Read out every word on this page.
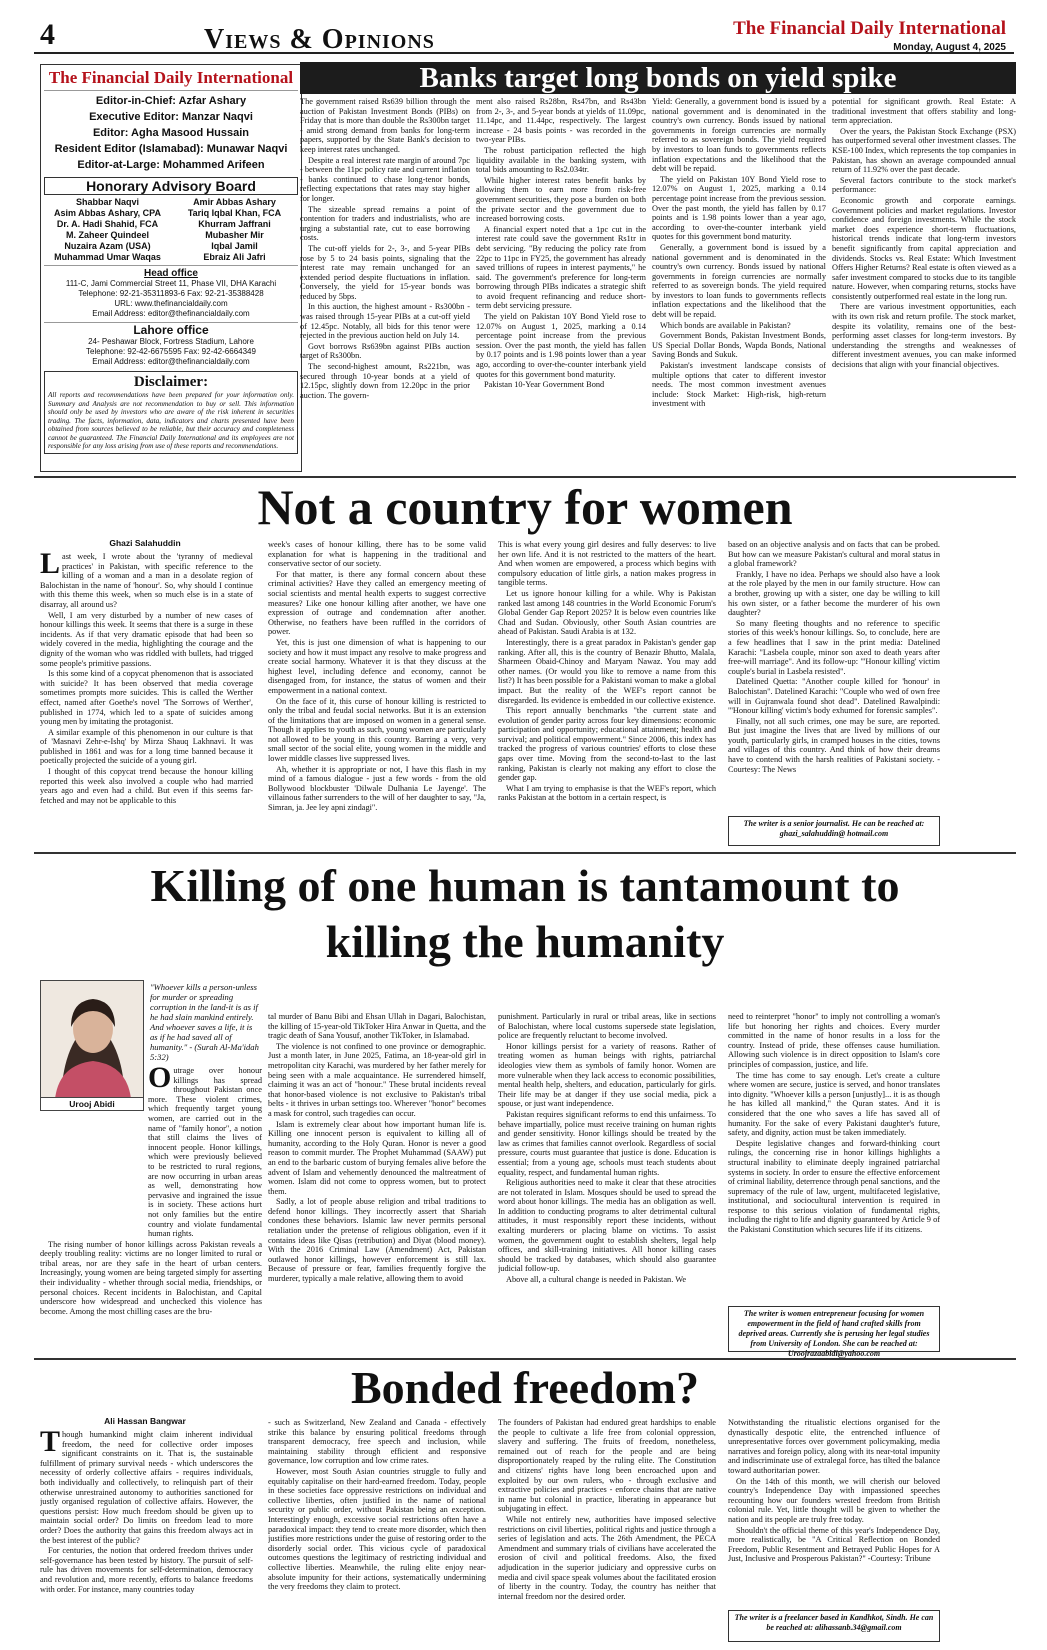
4	Views & Opinions	The Financial Daily International
Monday, August 4, 2025
The Financial Daily International
Editor-in-Chief: Azfar Ashary
Executive Editor: Manzar Naqvi
Editor: Agha Masood Hussain
Resident Editor (Islamabad): Munawar Naqvi
Editor-at-Large: Mohammed Arifeen
Honorary Advisory Board
Shabbar Naqvi
Asim Abbas Ashary, CPA
Dr. A. Hadi Shahid, FCA
M. Zaheer Quindeel
Nuzaira Azam (USA)
Muhammad Umar Waqas
Amir Abbas Ashary
Tariq Iqbal Khan, FCA
Khurram Jaffrani
Mubasher Mir
Iqbal Jamil
Ebraiz Ali Jafri
Head office
111-C, Jami Commercial Street 11, Phase VII, DHA Karachi
Telephone: 92-21-35311893-6 Fax: 92-21-35388428
URL: www.thefinancialdaily.com
Email Address: editor@thefinancialdaily.com
Lahore office
24- Peshawar Block, Fortress Stadium, Lahore
Telephone: 92-42-6675595 Fax: 92-42-6664349
Email Address: editor@thefinancialdaily.com
Disclaimer:
All reports and recommendations have been prepared for your information only. Summary and Analysis are not recommendation to buy or sell. This information should only be used by investors who are aware of the risk inherent in securities trading. The facts, information, data, indicators and charts presented have been obtained from sources believed to be reliable, but their accuracy and completeness cannot be guaranteed. The Financial Daily International and its employees are not responsible for any loss arising from use of these reports and recommendations.
Banks target long bonds on yield spike

The government raised Rs639 billion through the auction of Pakistan Investment Bonds (PIBs) on Friday that is more than double the Rs300bn target - amid strong demand from banks for long-term papers, supported by the State Bank's decision to keep interest rates unchanged.

Despite a real interest rate margin of around 7pc - between the 11pc policy rate and current inflation - banks continued to chase long-tenor bonds, reflecting expectations that rates may stay higher for longer.

The sizeable spread remains a point of contention for traders and industrialists, who are urging a substantial rate, cut to ease borrowing costs.

The cut-off yields for 2-, 3-, and 5-year PIBs rose by 5 to 24 basis points, signaling that the interest rate may remain unchanged for an extended period despite fluctuations in inflation. Conversely, the yield for 15-year bonds was reduced by 5bps.

In this auction, the highest amount - Rs300bn - was raised through 15-year PIBs at a cut-off yield of 12.45pc. Notably, all bids for this tenor were rejected in the previous auction held on July 14.

Govt borrows Rs639bn against PIBs auction target of Rs300bn.

The second-highest amount, Rs221bn, was secured through 10-year bonds at a yield of 12.15pc, slightly down from 12.20pc in the prior auction. The govern-

ment also raised Rs28bn, Rs47bn, and Rs43bn from 2-, 3-, and 5-year bonds at yields of 11.09pc, 11.14pc, and 11.44pc, respectively. The largest increase - 24 basis points - was recorded in the two-year PIBs.

The robust participation reflected the high liquidity available in the banking system, with total bids amounting to Rs2.034tr.

While higher interest rates benefit banks by allowing them to earn more from risk-free government securities, they pose a burden on both the private sector and the government due to increased borrowing costs.

A financial expert noted that a 1pc cut in the interest rate could save the government Rs1tr in debt servicing. "By reducing the policy rate from 22pc to 11pc in FY25, the government has already saved trillions of rupees in interest payments," he said. The government's preference for long-term borrowing through PIBs indicates a strategic shift to avoid frequent refinancing and reduce short-term debt servicing pressure.

The yield on Pakistan 10Y Bond Yield rose to 12.07% on August 1, 2025, marking a 0.14 percentage point increase from the previous session. Over the past month, the yield has fallen by 0.17 points and is 1.98 points lower than a year ago, according to over-the-counter interbank yield quotes for this government bond maturity.

Pakistan 10-Year Government Bond

Yield: Generally, a government bond is issued by a national government and is denominated in the country's own currency. Bonds issued by national governments in foreign currencies are normally referred to as sovereign bonds. The yield required by investors to loan funds to governments reflects inflation expectations and the likelihood that the debt will be repaid.

The yield on Pakistan 10Y Bond Yield rose to 12.07% on August 1, 2025, marking a 0.14 percentage point increase from the previous session. Over the past month, the yield has fallen by 0.17 points and is 1.98 points lower than a year ago, according to over-the-counter interbank yield quotes for this government bond maturity.

Generally, a government bond is issued by a national government and is denominated in the country's own currency. Bonds issued by national governments in foreign currencies are normally referred to as sovereign bonds. The yield required by investors to loan funds to governments reflects inflation expectations and the likelihood that the debt will be repaid.

Which bonds are available in Pakistan?

Government Bonds, Pakistan Investment Bonds, US Special Dollar Bonds, Wapda Bonds, National Saving Bonds and Sukuk.

Pakistan's investment landscape consists of multiple options that cater to different investor needs. The most common investment avenues include: Stock Market: High-risk, high-return investment with

potential for significant growth. Real Estate: A traditional investment that offers stability and long-term appreciation.

Over the years, the Pakistan Stock Exchange (PSX) has outperformed several other investment classes. The KSE-100 Index, which represents the top companies in Pakistan, has shown an average compounded annual return of 11.92% over the past decade.

Several factors contribute to the stock market's performance:

Economic growth and corporate earnings. Government policies and market regulations. Investor confidence and foreign investments. While the stock market does experience short-term fluctuations, historical trends indicate that long-term investors benefit significantly from capital appreciation and dividends. Stocks vs. Real Estate: Which Investment Offers Higher Returns? Real estate is often viewed as a safer investment compared to stocks due to its tangible nature. However, when comparing returns, stocks have consistently outperformed real estate in the long run.

There are various investment opportunities, each with its own risk and return profile. The stock market, despite its volatility, remains one of the best-performing asset classes for long-term investors. By understanding the strengths and weaknesses of different investment avenues, you can make informed decisions that align with your financial objectives.

Not a country for women
Ghazi Salahuddin

Last week, I wrote about the 'tyranny of medieval practices' in Pakistan, with specific reference to the killing of a woman and a man in a desolate region of Balochistan in the name of 'honour'. So, why should I continue with this theme this week, when so much else is in a state of disarray, all around us?

Well, I am very disturbed by a number of new cases of honour killings this week. It seems that there is a surge in these incidents. As if that very dramatic episode that had been so widely covered in the media, highlighting the courage and the dignity of the woman who was riddled with bullets, had trigged some people's primitive passions.

Is this some kind of a copycat phenomenon that is associated with suicide? It has been observed that media coverage sometimes prompts more suicides. This is called the Werther effect, named after Goethe's novel 'The Sorrows of Werther', published in 1774, which led to a spate of suicides among young men by imitating the protagonist.

A similar example of this phenomenon in our culture is that of 'Masnavi Zehr-e-Ishq' by Mirza Shauq Lakhnavi. It was published in 1861 and was for a long time banned because it poetically projected the suicide of a young girl.

I thought of this copycat trend because the honour killing reported this week also involved a couple who had married years ago and even had a child. But even if this seems far-fetched and may not be applicable to this

week's cases of honour killing, there has to be some valid explanation for what is happening in the traditional and conservative sector of our society.

For that matter, is there any formal concern about these criminal activities? Have they called an emergency meeting of social scientists and mental health experts to suggest corrective measures? Like one honour killing after another, we have one expression of outrage and condemnation after another. Otherwise, no feathers have been ruffled in the corridors of power.

Yet, this is just one dimension of what is happening to our society and how it must impact any resolve to make progress and create social harmony. Whatever it is that they discuss at the highest level, including defence and economy, cannot be disengaged from, for instance, the status of women and their empowerment in a national context.

On the face of it, this curse of honour killing is restricted to only the tribal and feudal social networks. But it is an extension of the limitations that are imposed on women in a general sense. Though it applies to youth as such, young women are particularly not allowed to be young in this country. Barring a very, very small sector of the social elite, young women in the middle and lower middle classes live suppressed lives.

Ah, whether it is appropriate or not, I have this flash in my mind of a famous dialogue - just a few words - from the old Bollywood blockbuster 'Dilwale Dulhania Le Jayenge'. The villainous father surrenders to the will of her daughter to say, "Ja, Simran, ja. Jee ley apni zindagi".

This is what every young girl desires and fully deserves: to live her own life. And it is not restricted to the matters of the heart. And when women are empowered, a process which begins with compulsory education of little girls, a nation makes progress in tangible terms.

Let us ignore honour killing for a while. Why is Pakistan ranked last among 148 countries in the World Economic Forum's Global Gender Gap Report 2025? It is below even countries like Chad and Sudan. Obviously, other South Asian countries are ahead of Pakistan. Saudi Arabia is at 132.

Interestingly, there is a great paradox in Pakistan's gender gap ranking. After all, this is the country of Benazir Bhutto, Malala, Sharmeen Obaid-Chinoy and Maryam Nawaz. You may add other names. (Or would you like to remove a name from this list?) It has been possible for a Pakistani woman to make a global impact. But the reality of the WEF's report cannot be disregarded. Its evidence is embedded in our collective existence.

This report annually benchmarks "the current state and evolution of gender parity across four key dimensions: economic participation and opportunity; educational attainment; health and survival; and political empowerment." Since 2006, this index has tracked the progress of various countries' efforts to close these gaps over time. Moving from the second-to-last to the last ranking, Pakistan is clearly not making any effort to close the gender gap.

What I am trying to emphasise is that the WEF's report, which ranks Pakistan at the bottom in a certain respect, is

based on an objective analysis and on facts that can be probed. But how can we measure Pakistan's cultural and moral status in a global framework?

Frankly, I have no idea. Perhaps we should also have a look at the role played by the men in our family structure. How can a brother, growing up with a sister, one day be willing to kill his own sister, or a father become the murderer of his own daughter?

So many fleeting thoughts and no reference to specific stories of this week's honour killings. So, to conclude, here are a few headlines that I saw in the print media: Datelined Karachi: "Lasbela couple, minor son axed to death years after free-will marriage". And its follow-up: "'Honour killing' victim couple's burial in Lasbela resisted".

Datelined Quetta: "Another couple killed for 'honour' in Balochistan". Datelined Karachi: "Couple who wed of own free will in Gujranwala found shot dead". Datelined Rawalpindi: "'Honour killing' victim's body exhumed for forensic samples".

Finally, not all such crimes, one may be sure, are reported. But just imagine the lives that are lived by millions of our youth, particularly girls, in cramped houses in the cities, towns and villages of this country. And think of how their dreams have to contend with the harsh realities of Pakistani society. -Courtesy: The News

The writer is a senior journalist. He can be reached at: ghazi_salahuddin@ hotmail.com
Killing of one human is tantamount to
killing the humanity
Urooj Abidi
"Whoever kills a person-unless for murder or spreading corruption in the land-it is as if he had slain mankind entirely. And whoever saves a life, it is as if he had saved all of humanity." - (Surah Al-Ma'idah 5:32)

Outrage over honour killings has spread throughout Pakistan once more. These violent crimes, which frequently target young women, are carried out in the name of "family honor", a notion that still claims the lives of innocent people. Honor killings, which were previously believed to be restricted to rural regions, are now occurring in urban areas as well, demonstrating how pervasive and ingrained the issue is in society. These actions hurt not only families but the entire country and violate fundamental human rights.

The rising number of honor killings across Pakistan reveals a deeply troubling reality: victims are no longer limited to rural or tribal areas, nor are they safe in the heart of urban centers. Increasingly, young women are being targeted simply for asserting their individuality - whether through social media, friendships, or personal choices. Recent incidents in Balochistan, and Capital underscore how widespread and unchecked this violence has become. Among the most chilling cases are the bru-

tal murder of Banu Bibi and Ehsan Ullah in Dagari, Balochistan, the killing of 15-year-old TikToker Hira Anwar in Quetta, and the tragic death of Sana Yousuf, another TikToker, in Islamabad.

The violence is not confined to one province or demographic. Just a month later, in June 2025, Fatima, an 18-year-old girl in metropolitan city Karachi, was murdered by her father merely for being seen with a male acquaintance. He surrendered himself, claiming it was an act of "honour." These brutal incidents reveal that honor-based violence is not exclusive to Pakistan's tribal belts - it thrives in urban settings too. Wherever "honor" becomes a mask for control, such tragedies can occur.

Islam is extremely clear about how important human life is. Killing one innocent person is equivalent to killing all of humanity, according to the Holy Quran. Honor is never a good reason to commit murder. The Prophet Muhammad (SAAW) put an end to the barbaric custom of burying females alive before the advent of Islam and vehemently denounced the maltreatment of women. Islam did not come to oppress women, but to protect them.

Sadly, a lot of people abuse religion and tribal traditions to defend honor killings. They incorrectly assert that Shariah condones these behaviors. Islamic law never permits personal retaliation under the pretense of religious obligation, even if it contains ideas like Qisas (retribution) and Diyat (blood money). With the 2016 Criminal Law (Amendment) Act, Pakistan outlawed honor killings, however enforcement is still lax. Because of pressure or fear, families frequently forgive the murderer, typically a male relative, allowing them to avoid

punishment. Particularly in rural or tribal areas, like in sections of Balochistan, where local customs supersede state legislation, police are frequently reluctant to become involved.

Honor killings persist for a variety of reasons. Rather of treating women as human beings with rights, patriarchal ideologies view them as symbols of family honor. Women are more vulnerable when they lack access to economic possibilities, mental health help, shelters, and education, particularly for girls. Their life may be at danger if they use social media, pick a spouse, or just want independence.

Pakistan requires significant reforms to end this unfairness. To behave impartially, police must receive training on human rights and gender sensitivity. Honor killings should be treated by the law as crimes that families cannot overlook. Regardless of social pressure, courts must guarantee that justice is done. Education is essential; from a young age, schools must teach students about equality, respect, and fundamental human rights.

Religious authorities need to make it clear that these atrocities are not tolerated in Islam. Mosques should be used to spread the word about honor killings. The media has an obligation as well. In addition to conducting programs to alter detrimental cultural attitudes, it must responsibly report these incidents, without exalting murderers or placing blame on victims. To assist women, the government ought to establish shelters, legal help offices, and skill-training initiatives. All honor killing cases should be tracked by databases, which should also guarantee judicial follow-up.

Above all, a cultural change is needed in Pakistan. We

need to reinterpret "honor" to imply not controlling a woman's life but honoring her rights and choices. Every murder committed in the name of honor results in a loss for the country. Instead of pride, these offenses cause humiliation. Allowing such violence is in direct opposition to Islam's core principles of compassion, justice, and life.

The time has come to say enough. Let's create a culture where women are secure, justice is served, and honor translates into dignity. "Whoever kills a person [unjustly]... it is as though he has killed all mankind," the Quran states. And it is considered that the one who saves a life has saved all of humanity. For the sake of every Pakistani daughter's future, safety, and dignity, action must be taken immediately.

Despite legislative changes and forward-thinking court rulings, the concerning rise in honor killings highlights a structural inability to eliminate deeply ingrained patriarchal systems in society. In order to ensure the effective enforcement of criminal liability, deterrence through penal sanctions, and the supremacy of the rule of law, urgent, multifaceted legislative, institutional, and sociocultural intervention is required in response to this serious violation of fundamental rights, including the right to life and dignity guaranteed by Article 9 of the Pakistani Constitution which secures life if its citizens.

The writer is women entrepreneur focusing for women empowerment in the field of hand crafted skills from deprived areas. Currently she is perusing her legal studies from University of London. She can be reached at: Uroojrazaabidi@yahoo.com
Bonded freedom?
Ali Hassan Bangwar

Though humankind might claim inherent individual freedom, the need for collective order imposes significant constraints on it. That is, the sustainable fulfillment of primary survival needs - which underscores the necessity of orderly collective affairs - requires individuals, both individually and collectively, to relinquish part of their otherwise unrestrained autonomy to authorities sanctioned for justly organised regulation of collective affairs. However, the questions persist: How much freedom should be given up to maintain social order? Do limits on freedom lead to more order? Does the authority that gains this freedom always act in the best interest of the public?

For centuries, the notion that ordered freedom thrives under self-governance has been tested by history. The pursuit of self-rule has driven movements for self-determination, democracy and revolution and, more recently, efforts to balance freedoms with order. For instance, many countries today

- such as Switzerland, New Zealand and Canada - effectively strike this balance by ensuring political freedoms through transparent democracy, free speech and inclusion, while maintaining stability through efficient and responsive governance, low corruption and low crime rates.

However, most South Asian countries struggle to fully and equitably capitalise on their hard-earned freedom. Today, people in these societies face oppressive restrictions on individual and collective liberties, often justified in the name of national security or public order, without Pakistan being an exception. Interestingly enough, excessive social restrictions often have a paradoxical impact: they tend to create more disorder, which then justifies more restrictions under the guise of restoring order to the disorderly social order. This vicious cycle of paradoxical outcomes questions the legitimacy of restricting individual and collective liberties. Meanwhile, the ruling elite enjoy near-absolute impunity for their actions, systematically undermining the very freedoms they claim to protect.

The founders of Pakistan had endured great hardships to enable the people to cultivate a life free from colonial oppression, slavery and suffering. The fruits of freedom, nonetheless, remained out of reach for the people and are being disproportionately reaped by the ruling elite. The Constitution and citizens' rights have long been encroached upon and exploited by our own rulers, who - through exclusive and extractive policies and practices - enforce chains that are native in name but colonial in practice, liberating in appearance but subjugating in effect.

While not entirely new, authorities have imposed selective restrictions on civil liberties, political rights and justice through a series of legislation and acts. The 26th Amendment, the PECA Amendment and summary trials of civilians have accelerated the erosion of civil and political freedoms. Also, the fixed adjudication in the superior judiciary and oppressive curbs on media and civil space speak volumes about the facilitated erosion of liberty in the country. Today, the country has neither that internal freedom nor the desired order.

Notwithstanding the ritualistic elections organised for the dynastically despotic elite, the entrenched influence of unrepresentative forces over government policymaking, media narratives and foreign policy, along with its near-total impunity and indiscriminate use of extralegal force, has tilted the balance toward authoritarian power.

On the 14th of this month, we will cherish our beloved country's Independence Day with impassioned speeches recounting how our founders wrested freedom from British colonial rule. Yet, little thought will be given to whether the nation and its people are truly free today.

Shouldn't the official theme of this year's Independence Day, more realistically, be "A Critical Reflection on Bonded Freedom, Public Resentment and Betrayed Public Hopes for A Just, Inclusive and Prosperous Pakistan?" -Courtesy: Tribune

The writer is a freelancer based in Kandhkot, Sindh. He can be reached at: alihassanb.34@gmail.com
